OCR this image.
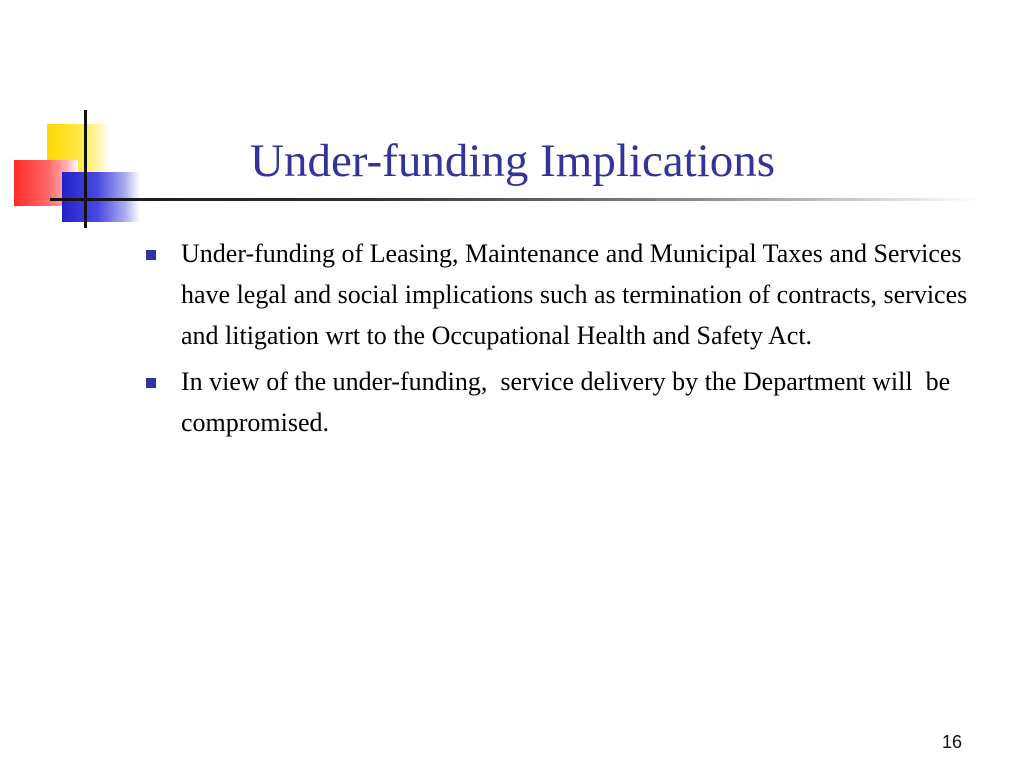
Under-funding Implications
Under-funding of Leasing, Maintenance and Municipal Taxes and Services have legal and social implications such as termination of contracts, services and litigation wrt to the Occupational Health and Safety Act.
In view of the under-funding,  service delivery by the Department will  be compromised.
16
